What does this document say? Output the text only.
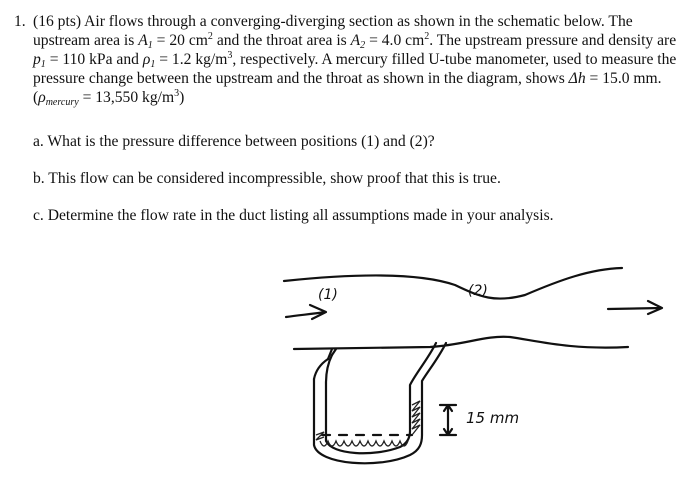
1. (16 pts) Air flows through a converging-diverging section as shown in the schematic below. The upstream area is $A_1 = 20$ $cm^2$ and the throat area is $A_2 = 4.0$ $cm^2$. The upstream pressure and density are $p_1 = 110$ kPa and $\rho_1 = 1.2$ $kg/m^3$, respectively. A mercury filled U-tube manometer, used to measure the pressure change between the upstream and the throat as shown in the diagram, shows Δh = 15.0 mm. ($\rho_{mercury} = 13,550$ $kg/m^3$)
a. What is the pressure difference between positions (1) and (2)?
b. This flow can be considered incompressible, show proof that this is true.
c. Determine the flow rate in the duct listing all assumptions made in your analysis.
(1)	(2)
15 mm
